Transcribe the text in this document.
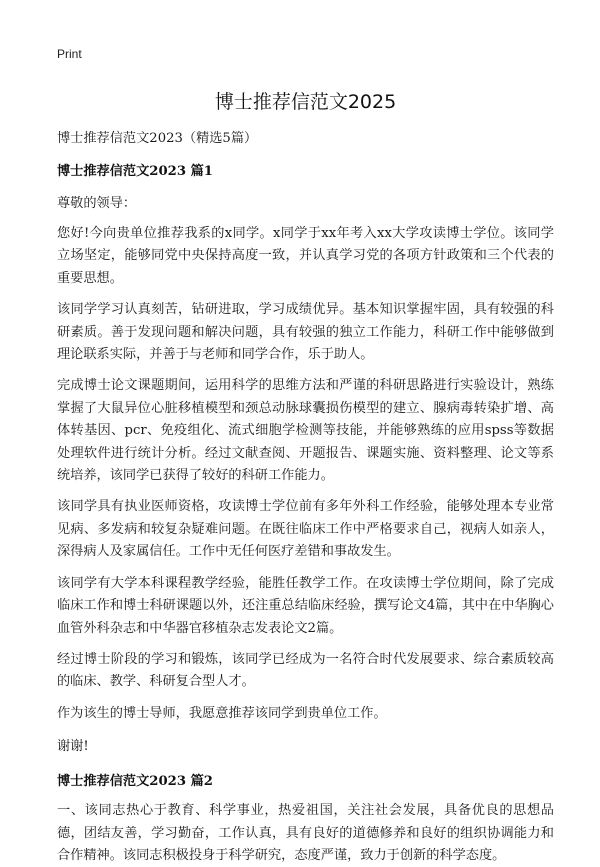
Print

博士推荐信范文2025

博士推荐信范文2023（精选5篇）

博士推荐信范文2023 篇1

尊敬的领导：

您好!今向贵单位推荐我系的x同学。x同学于xx年考入xx大学攻读博士学位。该同学立场坚定，能够同党中央保持高度一致，并认真学习党的各项方针政策和三个代表的重要思想。

该同学学习认真刻苦，钻研进取，学习成绩优异。基本知识掌握牢固，具有较强的科研素质。善于发现问题和解决问题，具有较强的独立工作能力，科研工作中能够做到理论联系实际，并善于与老师和同学合作，乐于助人。

完成博士论文课题期间，运用科学的思维方法和严谨的科研思路进行实验设计，熟练掌握了大鼠异位心脏移植模型和颈总动脉球囊损伤模型的建立、腺病毒转染扩增、高体转基因、pcr、免疫组化、流式细胞学检测等技能，并能够熟练的应用spss等数据处理软件进行统计分析。经过文献查阅、开题报告、课题实施、资料整理、论文等系统培养，该同学已获得了较好的科研工作能力。

该同学具有执业医师资格，攻读博士学位前有多年外科工作经验，能够处理本专业常见病、多发病和较复杂疑难问题。在既往临床工作中严格要求自己，视病人如亲人，深得病人及家属信任。工作中无任何医疗差错和事故发生。

该同学有大学本科课程教学经验，能胜任教学工作。在攻读博士学位期间，除了完成临床工作和博士科研课题以外，还注重总结临床经验，撰写论文4篇，其中在中华胸心血管外科杂志和中华器官移植杂志发表论文2篇。

经过博士阶段的学习和锻炼，该同学已经成为一名符合时代发展要求、综合素质较高的临床、教学、科研复合型人才。

作为该生的博士导师，我愿意推荐该同学到贵单位工作。

谢谢!

博士推荐信范文2023 篇2

一、该同志热心于教育、科学事业，热爱祖国，关注社会发展，具备优良的思想品德，团结友善，学习勤奋，工作认真，具有良好的道德修养和良好的组织协调能力和合作精神。该同志积极投身于科学研究，态度严谨，致力于创新的科学态度。
